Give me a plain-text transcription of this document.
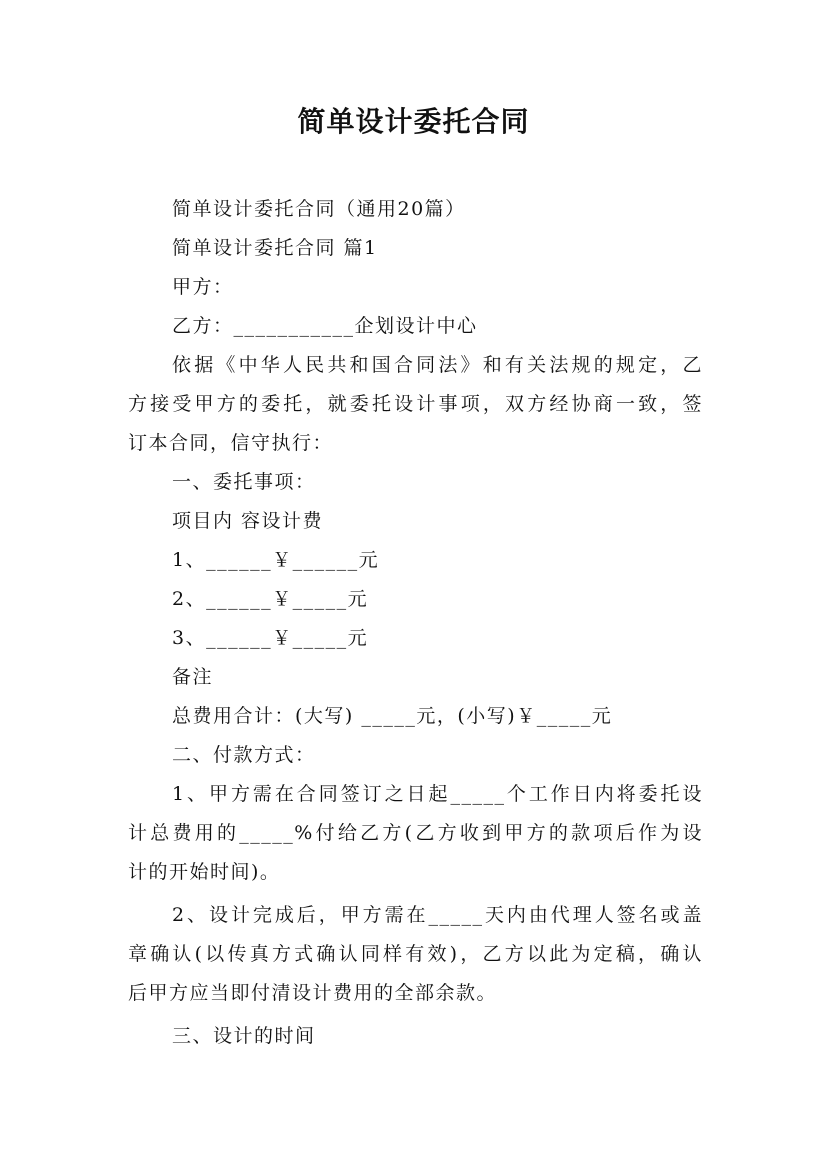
简单设计委托合同
简单设计委托合同（通用20篇）
简单设计委托合同 篇1
甲方：
乙方：___________企划设计中心
依据《中华人民共和国合同法》和有关法规的规定，乙
方接受甲方的委托，就委托设计事项，双方经协商一致，签
订本合同，信守执行：
一、委托事项：
项目内 容设计费
1、______￥______元
2、______￥_____元
3、______￥_____元
备注
总费用合计：(大写) _____元，(小写)￥_____元
二、付款方式：
1、甲方需在合同签订之日起_____个工作日内将委托设
计总费用的_____%付给乙方(乙方收到甲方的款项后作为设
计的开始时间)。
2、设计完成后，甲方需在_____天内由代理人签名或盖
章确认(以传真方式确认同样有效)，乙方以此为定稿，确认
后甲方应当即付清设计费用的全部余款。
三、设计的时间
